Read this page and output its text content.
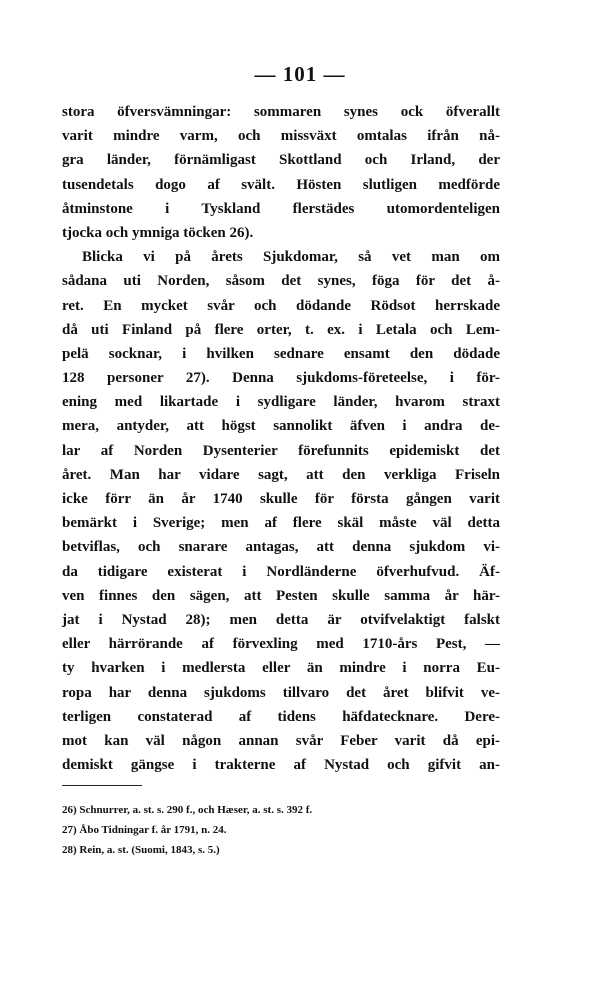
— 101 —
stora öfversvämningar: sommaren synes ock öfverallt
varit mindre varm, och missväxt omtalas ifrån nå-
gra länder, förnämligast Skottland och Irland, der
tusendetals dogo af svält. Hösten slutligen medförde
åtminstone i Tyskland flerstädes utomordenteligen
tjocka och ymniga töcken 26).
Blicka vi på årets Sjukdomar, så vet man om
sådana uti Norden, såsom det synes, föga för det å-
ret. En mycket svår och dödande Rödsot herrskade
då uti Finland på flere orter, t. ex. i Letala och Lem-
pelä socknar, i hvilken sednare ensamt den dödade
128 personer 27). Denna sjukdoms-företeelse, i för-
ening med likartade i sydligare länder, hvarom straxt
mera, antyder, att högst sannolikt äfven i andra de-
lar af Norden Dysenterier förefunnits epidemiskt det
året. Man har vidare sagt, att den verkliga Friseln
icke förr än år 1740 skulle för första gången varit
bemärkt i Sverige; men af flere skäl måste väl detta
betviflas, och snarare antagas, att denna sjukdom vi-
da tidigare existerat i Nordländerne öfverhufvud. Äf-
ven finnes den sägen, att Pesten skulle samma år här-
jat i Nystad 28); men detta är otvifvelaktigt falskt
eller härrörande af förvexling med 1710-års Pest, —
ty hvarken i medlersta eller än mindre i norra Eu-
ropa har denna sjukdoms tillvaro det året blifvit ve-
terligen constaterad af tidens häfdatecknare. Dere-
mot kan väl någon annan svår Feber varit då epi-
demiskt gängse i trakterne af Nystad och gifvit an-
26) Schnurrer, a. st. s. 290 f., och Hæser, a. st. s. 392 f.
27) Åbo Tidningar f. år 1791, n. 24.
28) Rein, a. st. (Suomi, 1843, s. 5.)
